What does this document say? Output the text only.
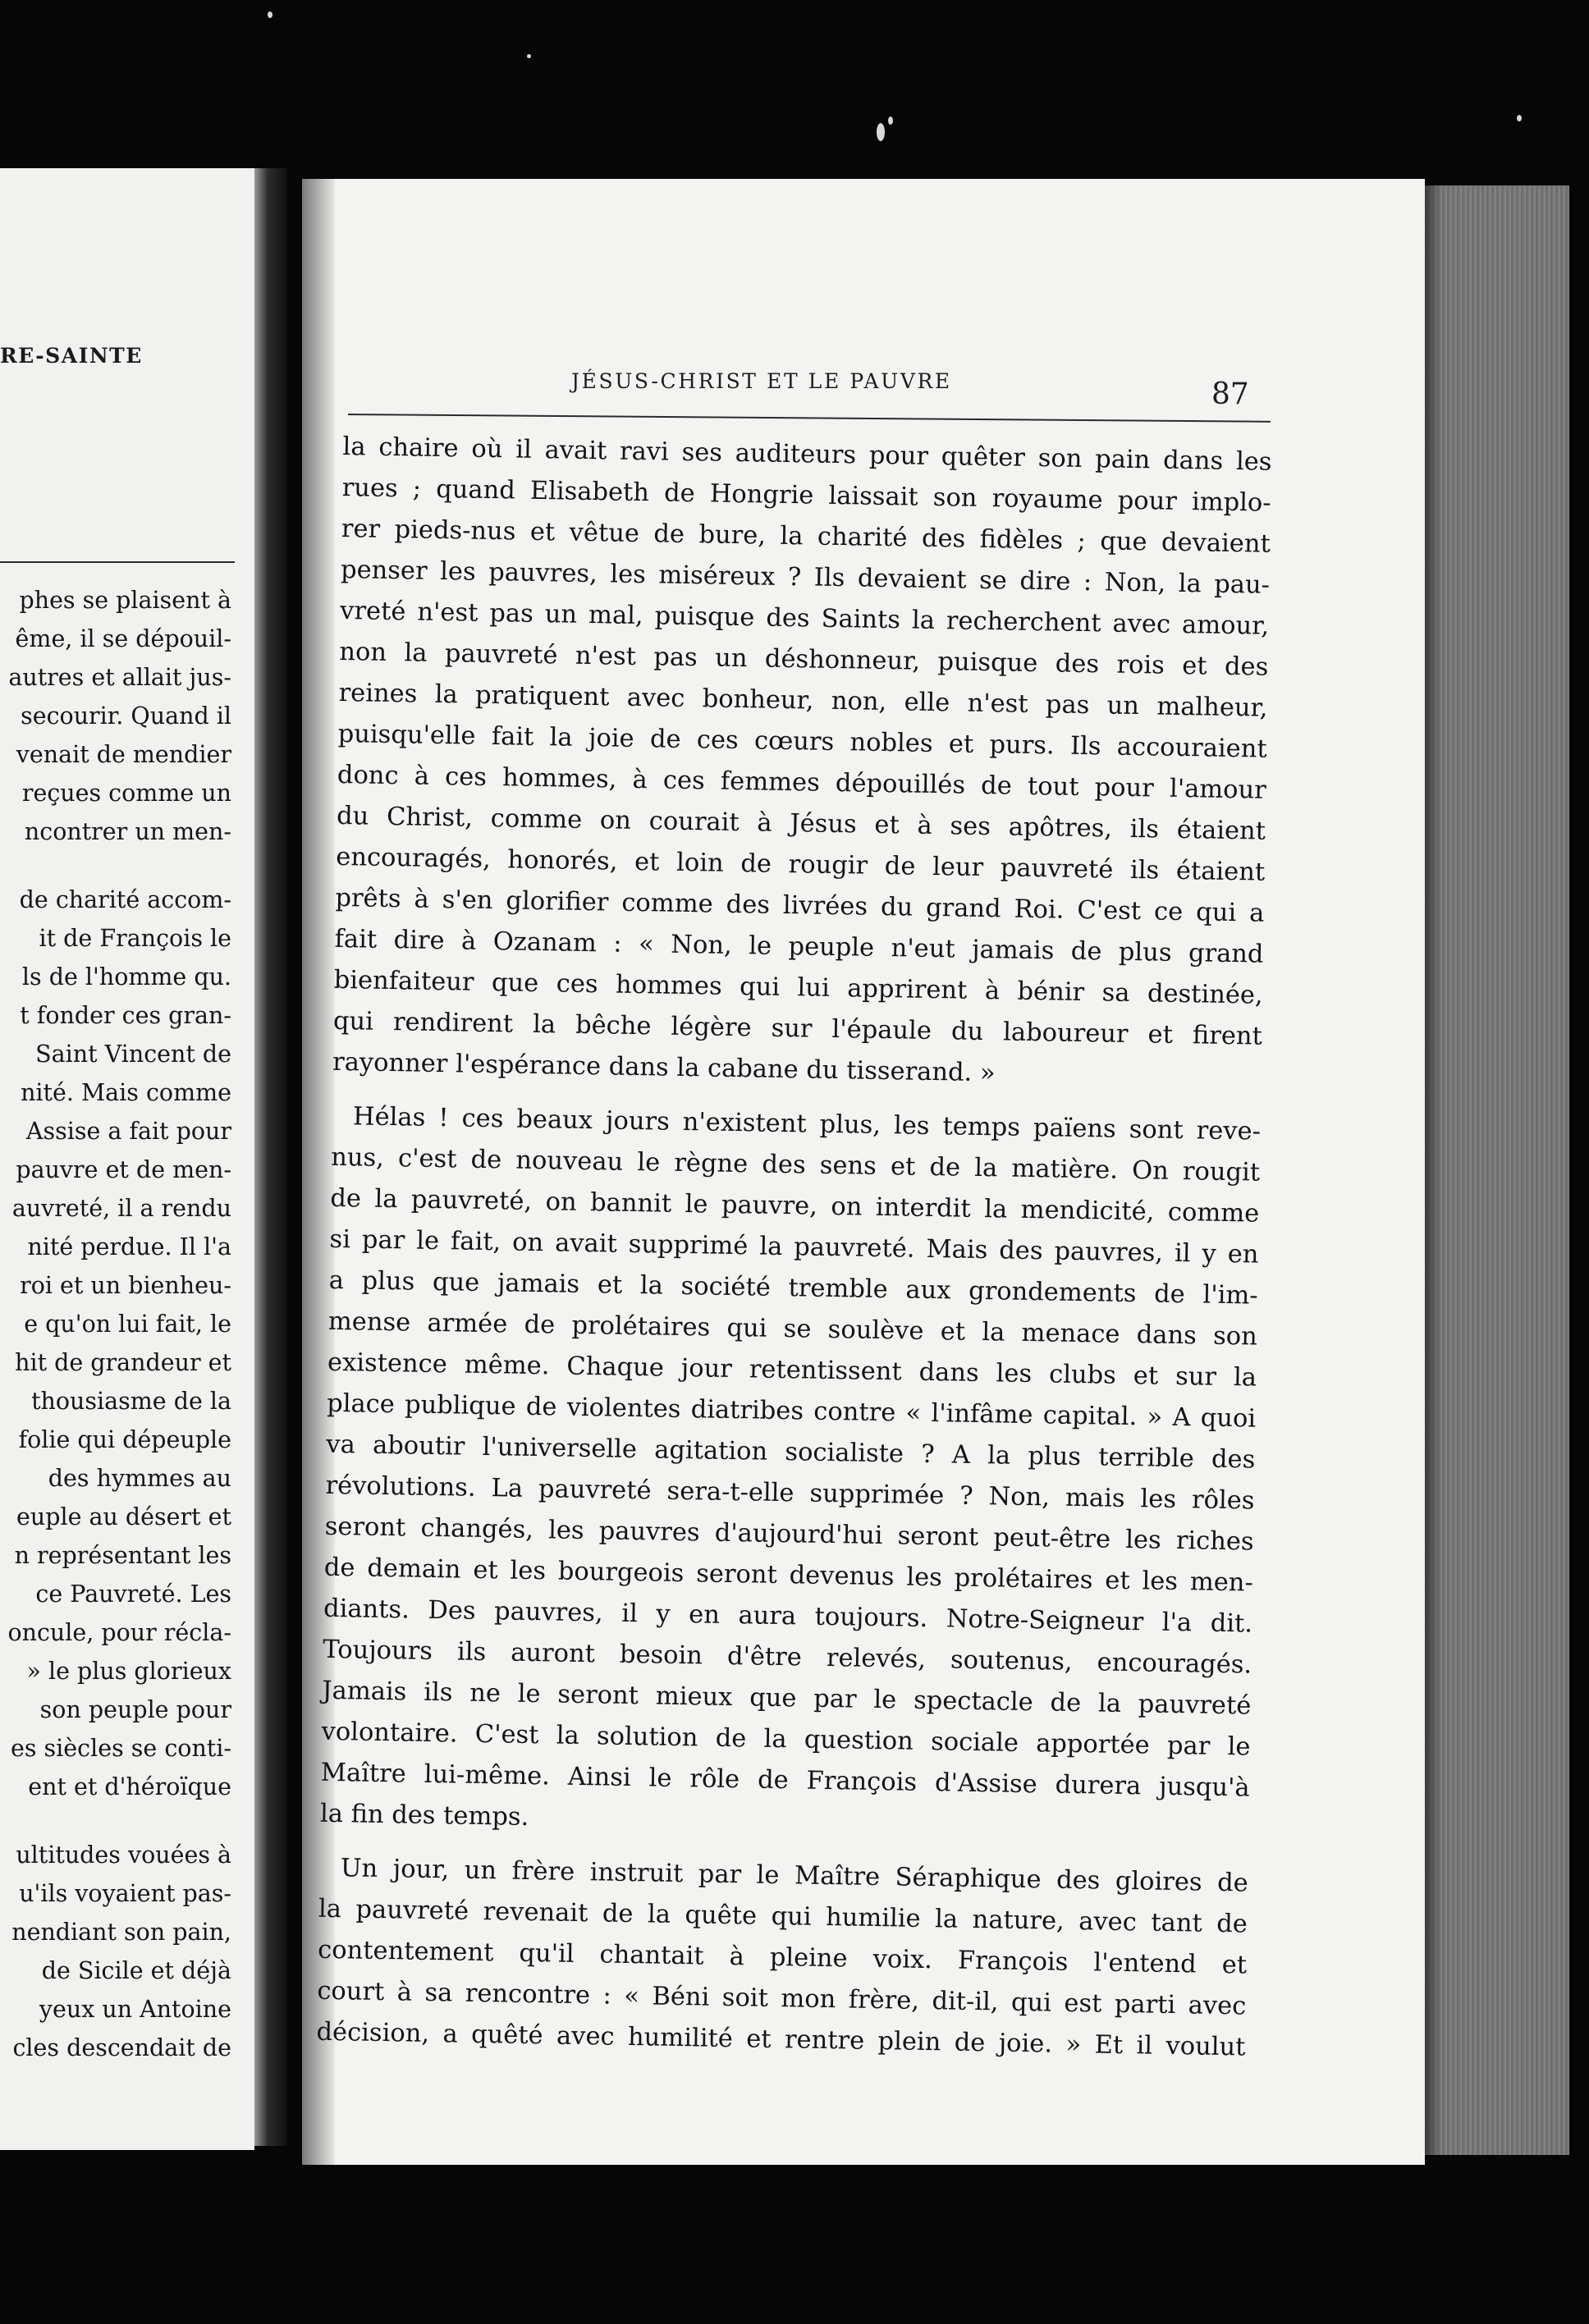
RE-SAINTE
phes se plaisent à
ême, il se dépouil-
autres et allait jus-
secourir. Quand il
venait de mendier
reçues comme un
ncontrer un men-
de charité accom-
it de François le
ls de l'homme qu.
t fonder ces gran-
Saint Vincent de
nité. Mais comme
Assise a fait pour
pauvre et de men-
auvreté, il a rendu
nité perdue. Il l'a
roi et un bienheu-
e qu'on lui fait, le
hit de grandeur et
thousiasme de la
folie qui dépeuple
des hymmes au
euple au désert et
n représentant les
ce Pauvreté. Les
oncule, pour récla-
» le plus glorieux
son peuple pour
es siècles se conti-
ent et d'héroïque
ultitudes vouées à
u'ils voyaient pas-
nendiant son pain,
de Sicile et déjà
yeux un Antoine
cles descendait de
JÉSUS-CHRIST ET LE PAUVRE	87
la chaire où il avait ravi ses auditeurs pour quêter son pain dans les
rues ; quand Elisabeth de Hongrie laissait son royaume pour implo-
rer pieds-nus et vêtue de bure, la charité des fidèles ; que devaient
penser les pauvres, les miséreux ? Ils devaient se dire : Non, la pau-
vreté n'est pas un mal, puisque des Saints la recherchent avec amour,
non la pauvreté n'est pas un déshonneur, puisque des rois et des
reines la pratiquent avec bonheur, non, elle n'est pas un malheur,
puisqu'elle fait la joie de ces cœurs nobles et purs. Ils accouraient
donc à ces hommes, à ces femmes dépouillés de tout pour l'amour
du Christ, comme on courait à Jésus et à ses apôtres, ils étaient
encouragés, honorés, et loin de rougir de leur pauvreté ils étaient
prêts à s'en glorifier comme des livrées du grand Roi. C'est ce qui a
fait dire à Ozanam : « Non, le peuple n'eut jamais de plus grand
bienfaiteur que ces hommes qui lui apprirent à bénir sa destinée,
qui rendirent la bêche légère sur l'épaule du laboureur et firent
rayonner l'espérance dans la cabane du tisserand. »
Hélas ! ces beaux jours n'existent plus, les temps païens sont reve-
nus, c'est de nouveau le règne des sens et de la matière. On rougit
de la pauvreté, on bannit le pauvre, on interdit la mendicité, comme
si par le fait, on avait supprimé la pauvreté. Mais des pauvres, il y en
a plus que jamais et la société tremble aux grondements de l'im-
mense armée de prolétaires qui se soulève et la menace dans son
existence même. Chaque jour retentissent dans les clubs et sur la
place publique de violentes diatribes contre « l'infâme capital. » A quoi
va aboutir l'universelle agitation socialiste ? A la plus terrible des
révolutions. La pauvreté sera-t-elle supprimée ? Non, mais les rôles
seront changés, les pauvres d'aujourd'hui seront peut-être les riches
de demain et les bourgeois seront devenus les prolétaires et les men-
diants. Des pauvres, il y en aura toujours. Notre-Seigneur l'a dit.
Toujours ils auront besoin d'être relevés, soutenus, encouragés.
Jamais ils ne le seront mieux que par le spectacle de la pauvreté
volontaire. C'est la solution de la question sociale apportée par le
Maître lui-même. Ainsi le rôle de François d'Assise durera jusqu'à
la fin des temps.
Un jour, un frère instruit par le Maître Séraphique des gloires de
la pauvreté revenait de la quête qui humilie la nature, avec tant de
contentement qu'il chantait à pleine voix. François l'entend et
court à sa rencontre : « Béni soit mon frère, dit-il, qui est parti avec
décision, a quêté avec humilité et rentre plein de joie. » Et il voulut
